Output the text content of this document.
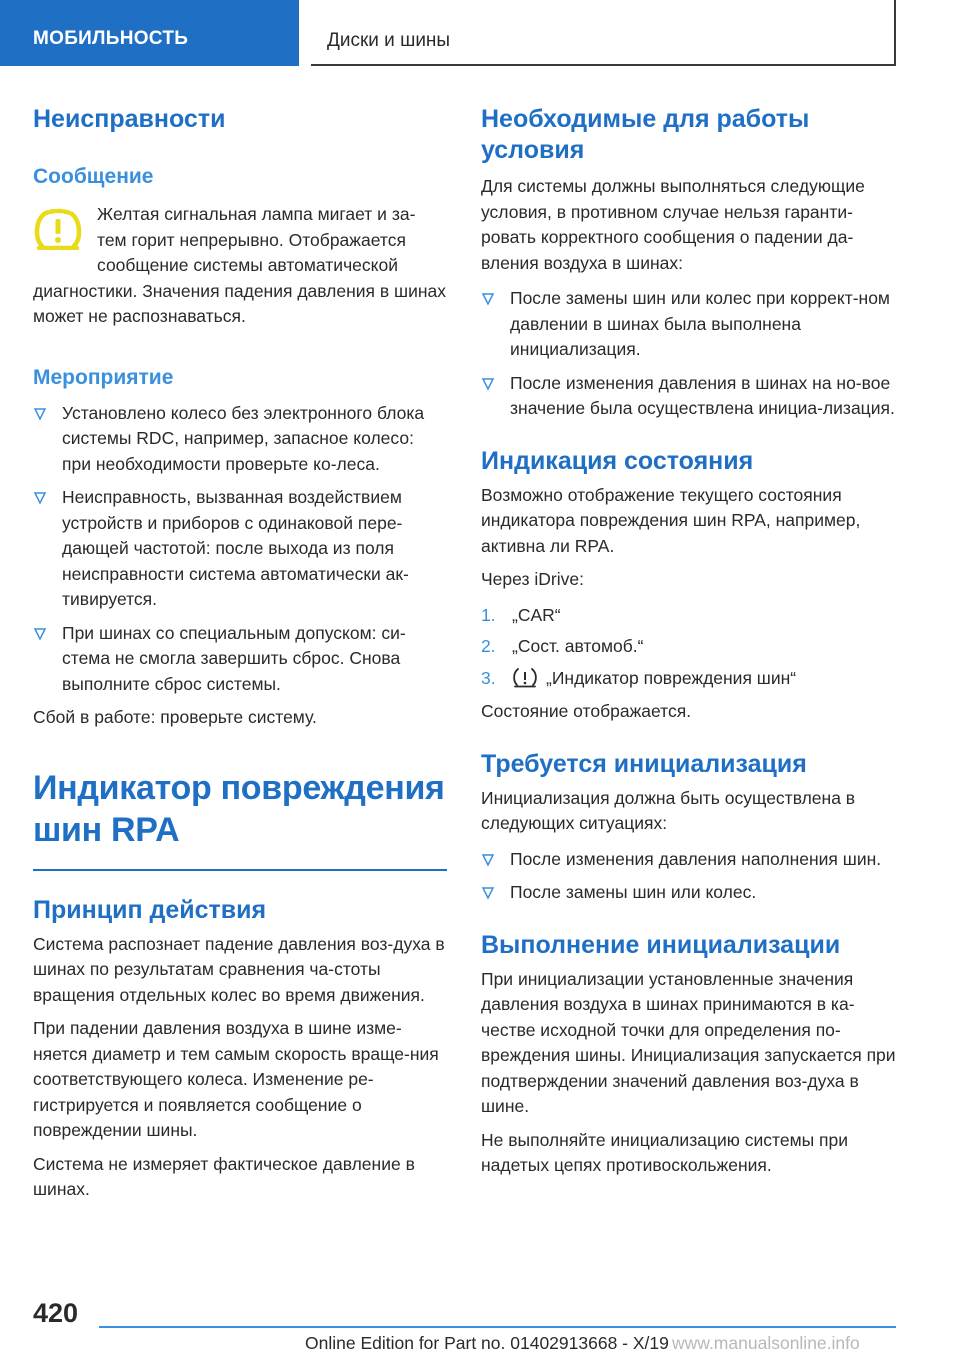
МОБИЛЬНОСТЬ	Диски и шины
Неисправности
Сообщение
Желтая сигнальная лампа мигает и за-
тем горит непрерывно. Отображается
сообщение системы автоматической
диагностики. Значения падения давления в шинах может не распознаваться.
Мероприятие
Установлено колесо без электронного блока системы RDC, например, запасное колесо: при необходимости проверьте ко-леса.
Неисправность, вызванная воздействием устройств и приборов с одинаковой пере-дающей частотой: после выхода из поля неисправности система автоматически ак-тивируется.
При шинах со специальным допуском: си-стема не смогла завершить сброс. Снова выполните сброс системы.
Сбой в работе: проверьте систему.
Индикатор повреждения шин RPA
Принцип действия
Система распознает падение давления воз-духа в шинах по результатам сравнения ча-стоты вращения отдельных колес во время движения.
При падении давления воздуха в шине изме-няется диаметр и тем самым скорость враще-ния соответствующего колеса. Изменение ре-гистрируется и появляется сообщение о повреждении шины.
Система не измеряет фактическое давление в шинах.
Необходимые для работы условия
Для системы должны выполняться следующие условия, в противном случае нельзя гаранти-ровать корректного сообщения о падении да-вления воздуха в шинах:
После замены шин или колес при коррект-ном давлении в шинах была выполнена инициализация.
После изменения давления в шинах на но-вое значение была осуществлена инициа-лизация.
Индикация состояния
Возможно отображение текущего состояния индикатора повреждения шин RPA, например, активна ли RPA.
Через iDrive:
1. „CAR“
2. „Сост. автомоб.“
3.	„Индикатор повреждения шин“
Состояние отображается.
Требуется инициализация
Инициализация должна быть осуществлена в следующих ситуациях:
После изменения давления наполнения шин.
После замены шин или колес.
Выполнение инициализации
При инициализации установленные значения давления воздуха в шинах принимаются в ка-честве исходной точки для определения по-вреждения шины. Инициализация запускается при подтверждении значений давления воз-духа в шине.
Не выполняйте инициализацию системы при надетых цепях противоскольжения.
420
Online Edition for Part no. 01402913668 - X/19 www.manualsonline.info
